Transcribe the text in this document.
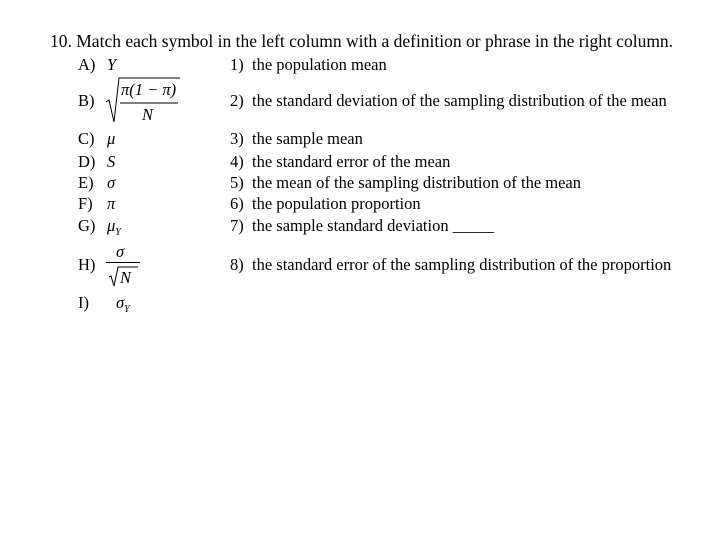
10. Match each symbol in the left column with a definition or phrase in the right column.
A) Y
B)
π(1 − π)
N
C) μ
D) S
E) σ
F) π
G) $\mu_Y$
H)
σ
N
I) $\sigma_Y$
1) the population mean
2) the standard deviation of the sampling distribution of the mean
3) the sample mean
4) the standard error of the mean
5) the mean of the sampling distribution of the mean
6) the population proportion
7) the sample standard deviation _____
8) the standard error of the sampling distribution of the proportion
